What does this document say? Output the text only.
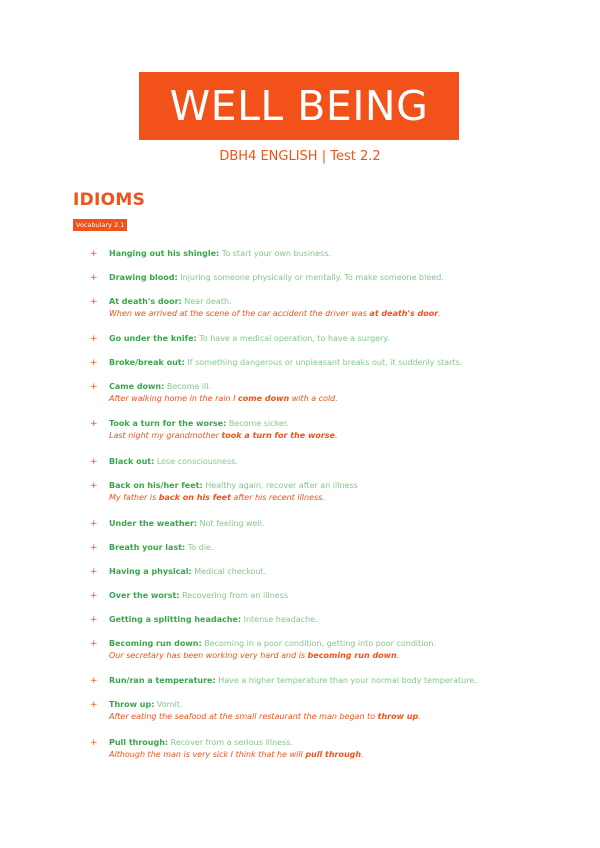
WELL BEING
DBH4 ENGLISH | Test 2.2
IDIOMS
Vocabulary 2.1
+ Hanging out his shingle: To start your own business.
+ Drawing blood: Injuring someone physically or mentally. To make someone bleed.
+ At death's door: Near death.
When we arrived at the scene of the car accident the driver was at death's door.
+ Go under the knife: To have a medical operation, to have a surgery.
+ Broke/break out: If something dangerous or unpleasant breaks out, it suddenly starts.
+ Came down: Become ill.
After walking home in the rain I come down with a cold.
+ Took a turn for the worse: Become sicker.
Last night my grandmother took a turn for the worse.
+ Black out: Lose consciousness.
+ Back on his/her feet: Healthy again, recover after an illness
My father is back on his feet after his recent illness.
+ Under the weather: Not feeling well.
+ Breath your last: To die.
+ Having a physical: Medical checkout.
+ Over the worst: Recovering from an illness
+ Getting a splitting headache: Intense headache.
+ Becoming run down: Becoming in a poor condition, getting into poor condition.
Our secretary has been working very hard and is becoming run down.
+ Run/ran a temperature: Have a higher temperature than your normal body temperature.
+ Throw up: Vomit.
After eating the seafood at the small restaurant the man began to throw up.
+ Pull through: Recover from a serious illness.
Although the man is very sick I think that he will pull through.
